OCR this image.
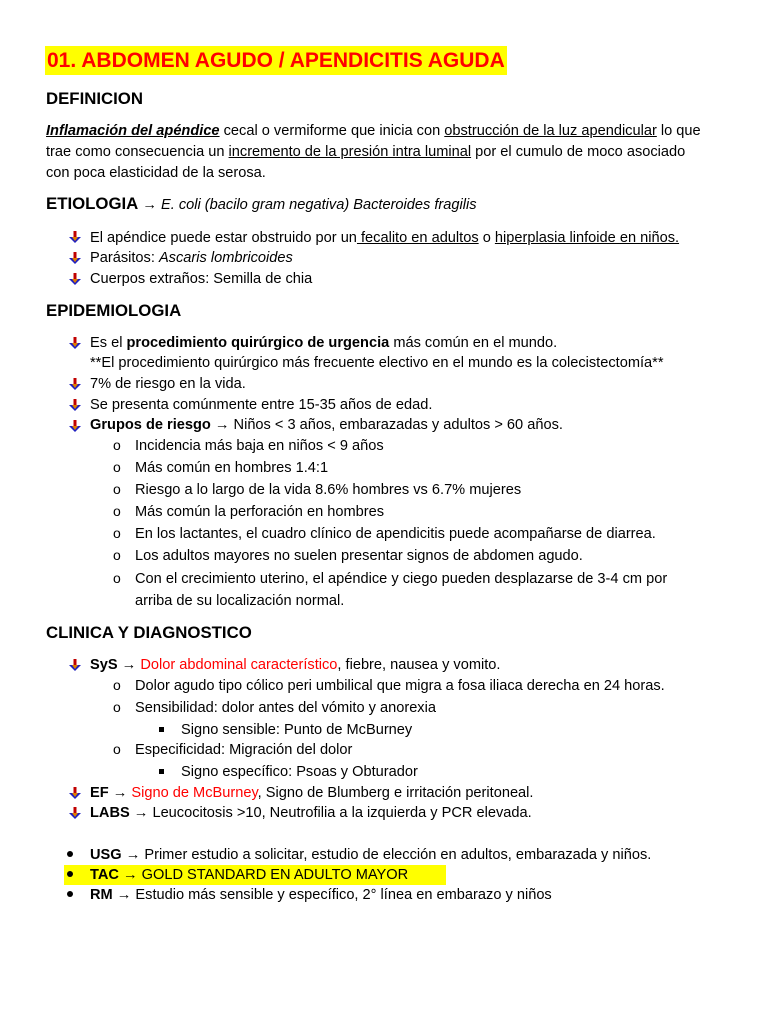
01. ABDOMEN AGUDO / APENDICITIS AGUDA
DEFINICION
Inflamación del apéndice cecal o vermiforme que inicia con obstrucción de la luz apendicular lo que
trae como consecuencia un incremento de la presión intra luminal por el cumulo de moco asociado
con poca elasticidad de la serosa.
ETIOLOGIA → E. coli (bacilo gram negativa) Bacteroides fragilis
El apéndice puede estar obstruido por un fecalito en adultos o hiperplasia linfoide en niños.
Parásitos: Ascaris lombricoides
Cuerpos extraños: Semilla de chia
EPIDEMIOLOGIA
Es el procedimiento quirúrgico de urgencia más común en el mundo.
**El procedimiento quirúrgico más frecuente electivo en el mundo es la colecistectomía**
7% de riesgo en la vida.
Se presenta comúnmente entre 15-35 años de edad.
Grupos de riesgo → Niños < 3 años, embarazadas y adultos > 60 años.
o Incidencia más baja en niños < 9 años
o Más común en hombres 1.4:1
o Riesgo a lo largo de la vida 8.6% hombres vs 6.7% mujeres
o Más común la perforación en hombres
o En los lactantes, el cuadro clínico de apendicitis puede acompañarse de diarrea.
o Los adultos mayores no suelen presentar signos de abdomen agudo.
o Con el crecimiento uterino, el apéndice y ciego pueden desplazarse de 3-4 cm por
arriba de su localización normal.
CLINICA Y DIAGNOSTICO
SyS → Dolor abdominal característico, fiebre, nausea y vomito.
o Dolor agudo tipo cólico peri umbilical que migra a fosa iliaca derecha en 24 horas.
o Sensibilidad: dolor antes del vómito y anorexia
Signo sensible: Punto de McBurney
o Especificidad: Migración del dolor
Signo específico: Psoas y Obturador
EF → Signo de McBurney, Signo de Blumberg e irritación peritoneal.
LABS → Leucocitosis >10, Neutrofilia a la izquierda y PCR elevada.
USG → Primer estudio a solicitar, estudio de elección en adultos, embarazada y niños.
TAC → GOLD STANDARD EN ADULTO MAYOR
RM → Estudio más sensible y específico, 2° línea en embarazo y niños
